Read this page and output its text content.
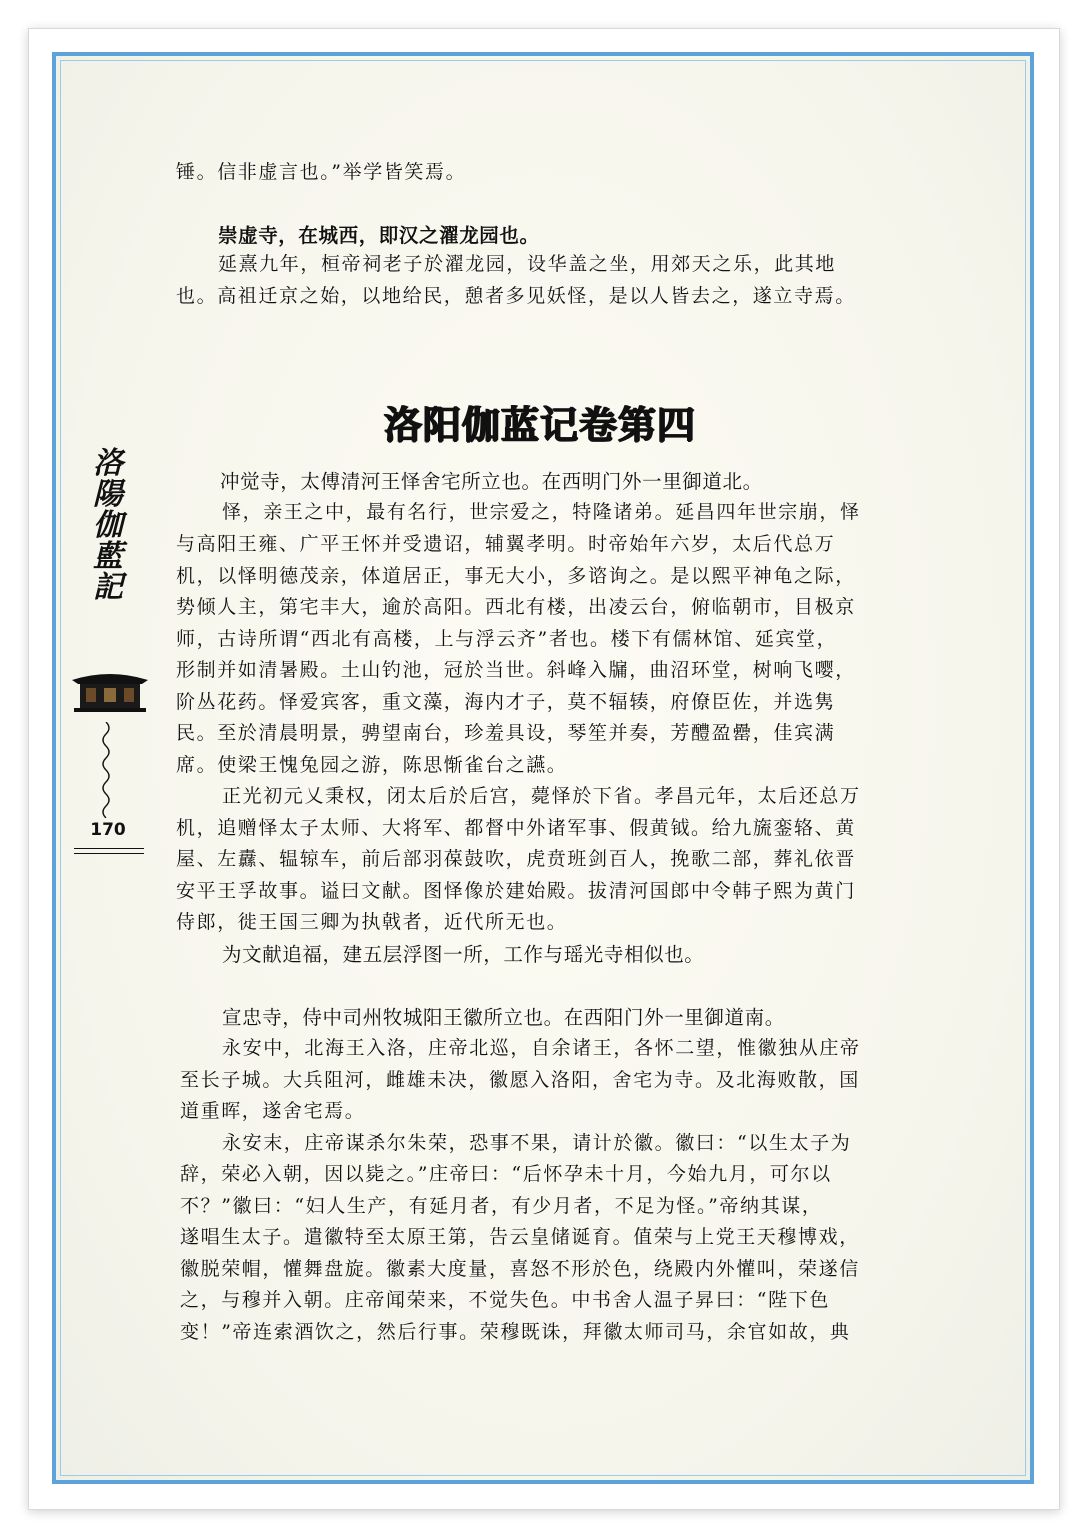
洛
陽
伽
藍
記
170

锤。信非虚言也。”举学皆笑焉。

崇虚寺，在城西，即汉之濯龙园也。

延熹九年，桓帝祠老子於濯龙园，设华盖之坐，用郊天之乐，此其地

也。高祖迁京之始，以地给民，憩者多见妖怪，是以人皆去之，遂立寺焉。

洛阳伽蓝记卷第四

冲觉寺，太傅清河王怿舍宅所立也。在西明门外一里御道北。

怿，亲王之中，最有名行，世宗爱之，特隆诸弟。延昌四年世宗崩，怿

与高阳王雍、广平王怀并受遗诏，辅翼孝明。时帝始年六岁，太后代总万

机，以怿明德茂亲，体道居正，事无大小，多谘询之。是以熙平神龟之际，

势倾人主，第宅丰大，逾於高阳。西北有楼，出凌云台，俯临朝市，目极京

师，古诗所谓“西北有高楼，上与浮云齐”者也。楼下有儒林馆、延宾堂，

形制并如清暑殿。土山钓池，冠於当世。斜峰入牖，曲沼环堂，树响飞嘤，

阶丛花药。怿爱宾客，重文藻，海内才子，莫不辐辏，府僚臣佐，并选隽

民。至於清晨明景，骋望南台，珍羞具设，琴笙并奏，芳醴盈罍，佳宾满

席。使梁王愧兔园之游，陈思惭雀台之讌。

正光初元乂秉权，闭太后於后宫，薨怿於下省。孝昌元年，太后还总万

机，追赠怿太子太师、大将军、都督中外诸军事、假黄钺。给九旒銮辂、黄

屋、左纛、辒辌车，前后部羽葆鼓吹，虎贲班剑百人，挽歌二部，葬礼依晋

安平王孚故事。谥曰文献。图怿像於建始殿。拔清河国郎中令韩子熙为黄门

侍郎，徙王国三卿为执戟者，近代所无也。

为文献追福，建五层浮图一所，工作与瑶光寺相似也。

宣忠寺，侍中司州牧城阳王徽所立也。在西阳门外一里御道南。

永安中，北海王入洛，庄帝北巡，自余诸王，各怀二望，惟徽独从庄帝

至长子城。大兵阻河，雌雄未决，徽愿入洛阳，舍宅为寺。及北海败散，国

道重晖，遂舍宅焉。

永安末，庄帝谋杀尔朱荣，恐事不果，请计於徽。徽曰：“以生太子为

辞，荣必入朝，因以毙之。”庄帝曰：“后怀孕未十月，今始九月，可尔以

不？”徽曰：“妇人生产，有延月者，有少月者，不足为怪。”帝纳其谋，

遂唱生太子。遣徽特至太原王第，告云皇储诞育。值荣与上党王天穆博戏，

徽脱荣帽，懽舞盘旋。徽素大度量，喜怒不形於色，绕殿内外懽叫，荣遂信

之，与穆并入朝。庄帝闻荣来，不觉失色。中书舍人温子昇曰：“陛下色

变！”帝连索酒饮之，然后行事。荣穆既诛，拜徽太师司马，余官如故，典
